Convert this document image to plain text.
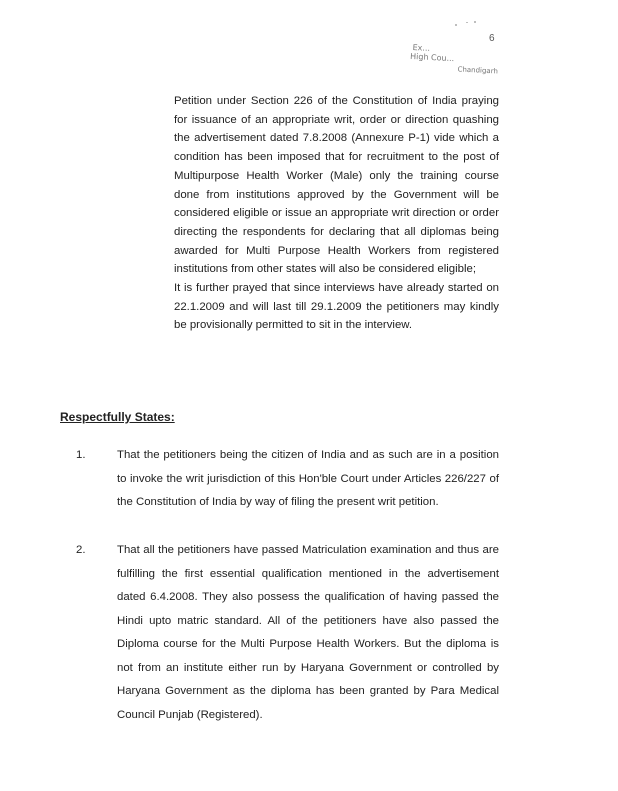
6
Ex...
High Cou...
Chandigarh

Petition under Section 226 of the Constitution of India praying for issuance of an appropriate writ, order or direction quashing the advertisement dated 7.8.2008 (Annexure P-1) vide which a condition has been imposed that for recruitment to the post of Multipurpose Health Worker (Male) only the training course done from institutions approved by the Government will be considered eligible or issue an appropriate writ direction or order directing the respondents for declaring that all diplomas being awarded for Multi Purpose Health Workers from registered institutions from other states will also be considered eligible;

It is further prayed that since interviews have already started on 22.1.2009 and will last till 29.1.2009 the petitioners may kindly be provisionally permitted to sit in the interview.

Respectfully States:
1.	That the petitioners being the citizen of India and as such are in a position to invoke the writ jurisdiction of this Hon'ble Court under Articles 226/227 of the Constitution of India by way of filing the present writ petition.
2.	That all the petitioners have passed Matriculation examination and thus are fulfilling the first essential qualification mentioned in the advertisement dated 6.4.2008. They also possess the qualification of having passed the Hindi upto matric standard. All of the petitioners have also passed the Diploma course for the Multi Purpose Health Workers. But the diploma is not from an institute either run by Haryana Government or controlled by Haryana Government as the diploma has been granted by Para Medical Council Punjab (Registered).
